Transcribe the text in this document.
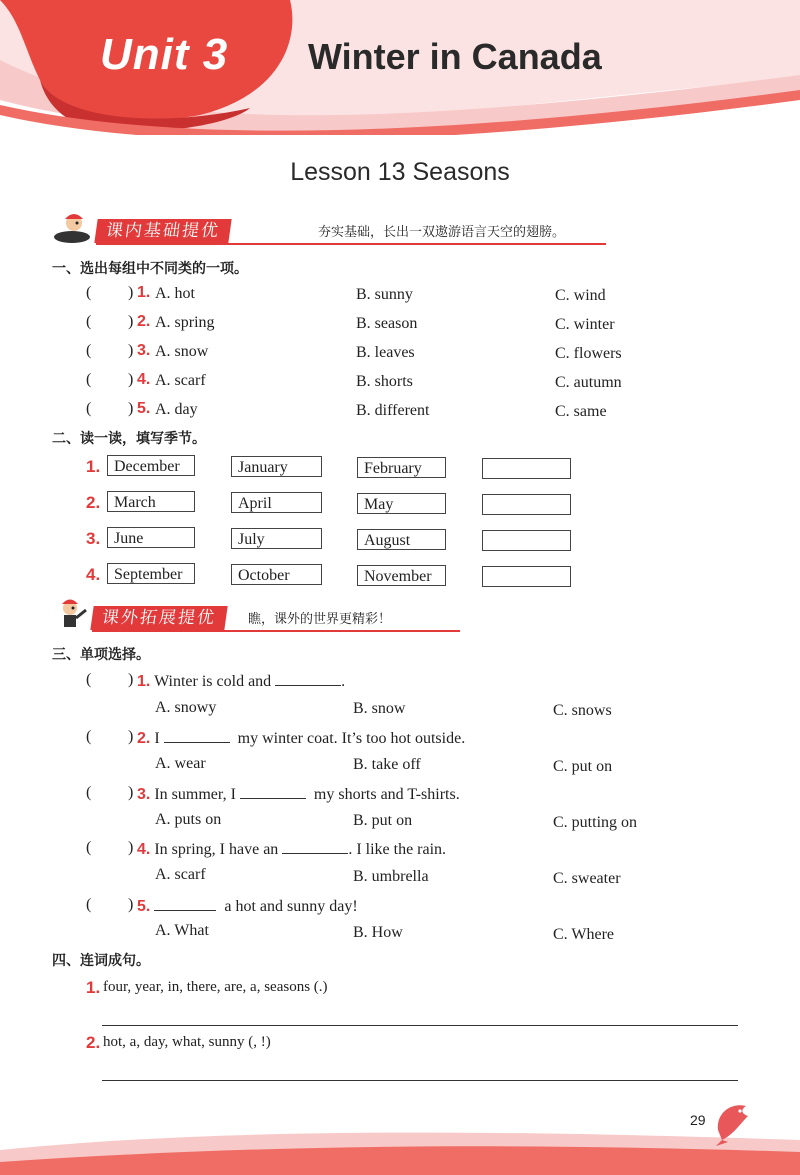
Unit 3 Winter in Canada
Lesson 13 Seasons
课内基础提优	夯实基础，长出一双遨游语言天空的翅膀。
一、选出每组中不同类的一项。
( ) 1. A. hot	B. sunny	C. wind
( ) 2. A. spring	B. season	C. winter
( ) 3. A. snow	B. leaves	C. flowers
( ) 4. A. scarf	B. shorts	C. autumn
( ) 5. A. day	B. different	C. same
二、读一读，填写季节。
1. December	January	February
2. March	April	May
3. June	July	August
4. September	October	November
课外拓展提优	瞧，课外的世界更精彩！
三、单项选择。
( ) 1. Winter is cold and	.
A. snowy	B. snow	C. snows
( ) 2. I	my winter coat. It’s too hot outside.
A. wear	B. take off	C. put on
( ) 3. In summer, I	my shorts and T-shirts.
A. puts on	B. put on	C. putting on
( ) 4. In spring, I have an	. I like the rain.
A. scarf	B. umbrella	C. sweater
( ) 5.	a hot and sunny day!
A. What	B. How	C. Where
四、连词成句。
1. four, year, in, there, are, a, seasons (.)
2. hot, a, day, what, sunny (, !)
29
